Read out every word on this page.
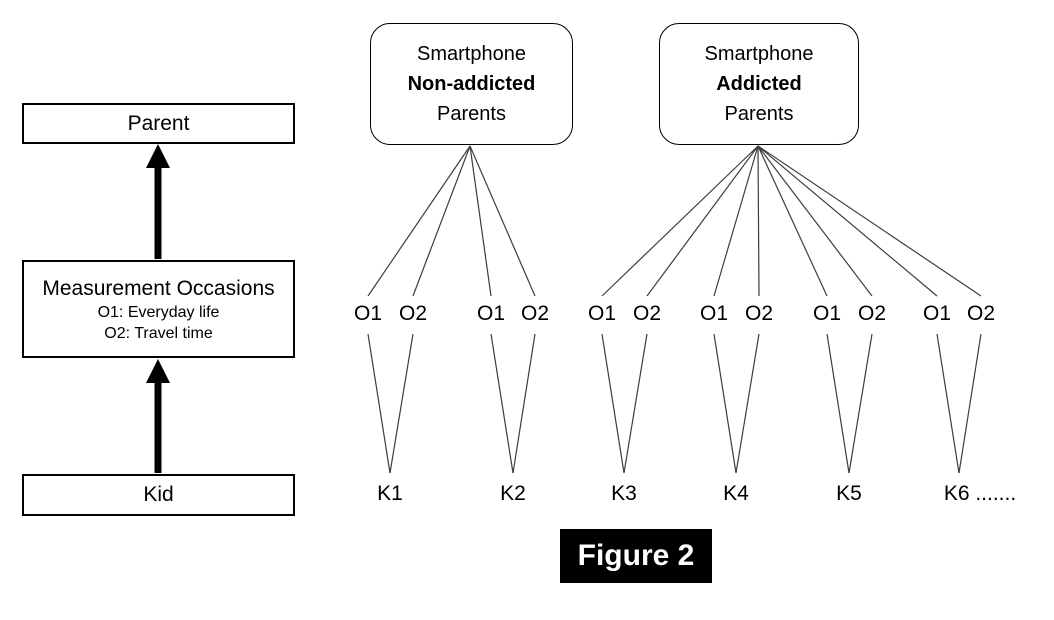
Parent
Measurement Occasions
O1: Everyday life
O2: Travel time
Kid
Smartphone
Non-addicted
Parents
Smartphone
Addicted
Parents
O1 O2 O1 O2 O1 O2 O1 O2 O1 O2 O1 O2
K1	K2	K3	K4	K5	K6 .......
Figure 2
